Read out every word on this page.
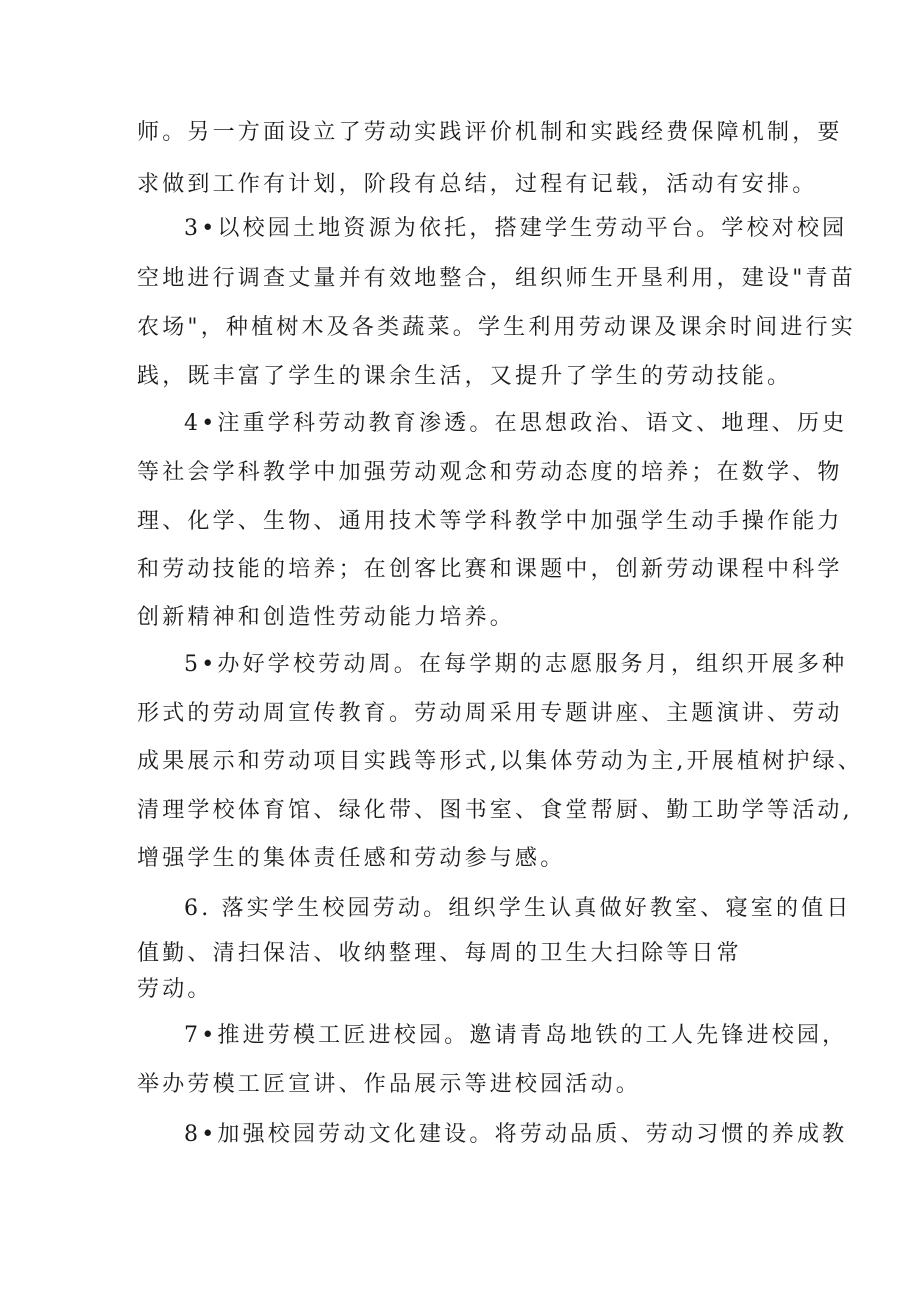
师。另一方面设立了劳动实践评价机制和实践经费保障机制，要

求做到工作有计划，阶段有总结，过程有记载，活动有安排。

3•以校园土地资源为依托，搭建学生劳动平台。学校对校园

空地进行调查丈量并有效地整合，组织师生开垦利用，建设"青苗

农场"，种植树木及各类蔬菜。学生利用劳动课及课余时间进行实

践，既丰富了学生的课余生活，又提升了学生的劳动技能。

4•注重学科劳动教育渗透。在思想政治、语文、地理、历史

等社会学科教学中加强劳动观念和劳动态度的培养；在数学、物

理、化学、生物、通用技术等学科教学中加强学生动手操作能力

和劳动技能的培养；在创客比赛和课题中，创新劳动课程中科学

创新精神和创造性劳动能力培养。

5•办好学校劳动周。在每学期的志愿服务月，组织开展多种

形式的劳动周宣传教育。劳动周采用专题讲座、主题演讲、劳动

成果展示和劳动项目实践等形式,以集体劳动为主,开展植树护绿、

清理学校体育馆、绿化带、图书室、食堂帮厨、勤工助学等活动,

增强学生的集体责任感和劳动参与感。

6. 落实学生校园劳动。组织学生认真做好教室、寝室的值日

值勤、清扫保洁、收纳整理、每周的卫生大扫除等日常

劳动。

7•推进劳模工匠进校园。邀请青岛地铁的工人先锋进校园，

举办劳模工匠宣讲、作品展示等进校园活动。

8•加强校园劳动文化建设。将劳动品质、劳动习惯的养成教
